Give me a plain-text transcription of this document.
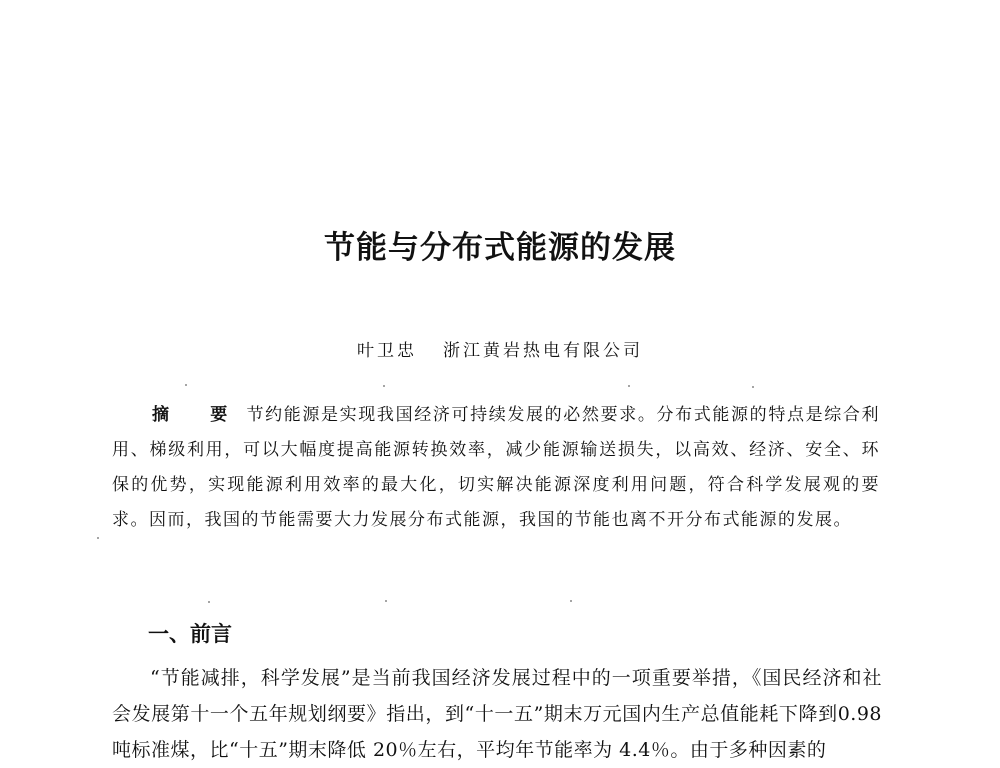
节能与分布式能源的发展
叶卫忠 浙江黄岩热电有限公司

摘　要 节约能源是实现我国经济可持续发展的必然要求。分布式能源的特点是综合利用、梯级利用，可以大幅度提高能源转换效率，减少能源输送损失，以高效、经济、安全、环保的优势，实现能源利用效率的最大化，切实解决能源深度利用问题，符合科学发展观的要求。因而，我国的节能需要大力发展分布式能源，我国的节能也离不开分布式能源的发展。

一、前言

“节能减排，科学发展”是当前我国经济发展过程中的一项重要举措，《国民经济和社会发展第十一个五年规划纲要》指出，到“十一五”期末万元国内生产总值能耗下降到0.98 吨标准煤，比“十五”期末降低 20％左右，平均年节能率为 4.4％。由于多种因素的
